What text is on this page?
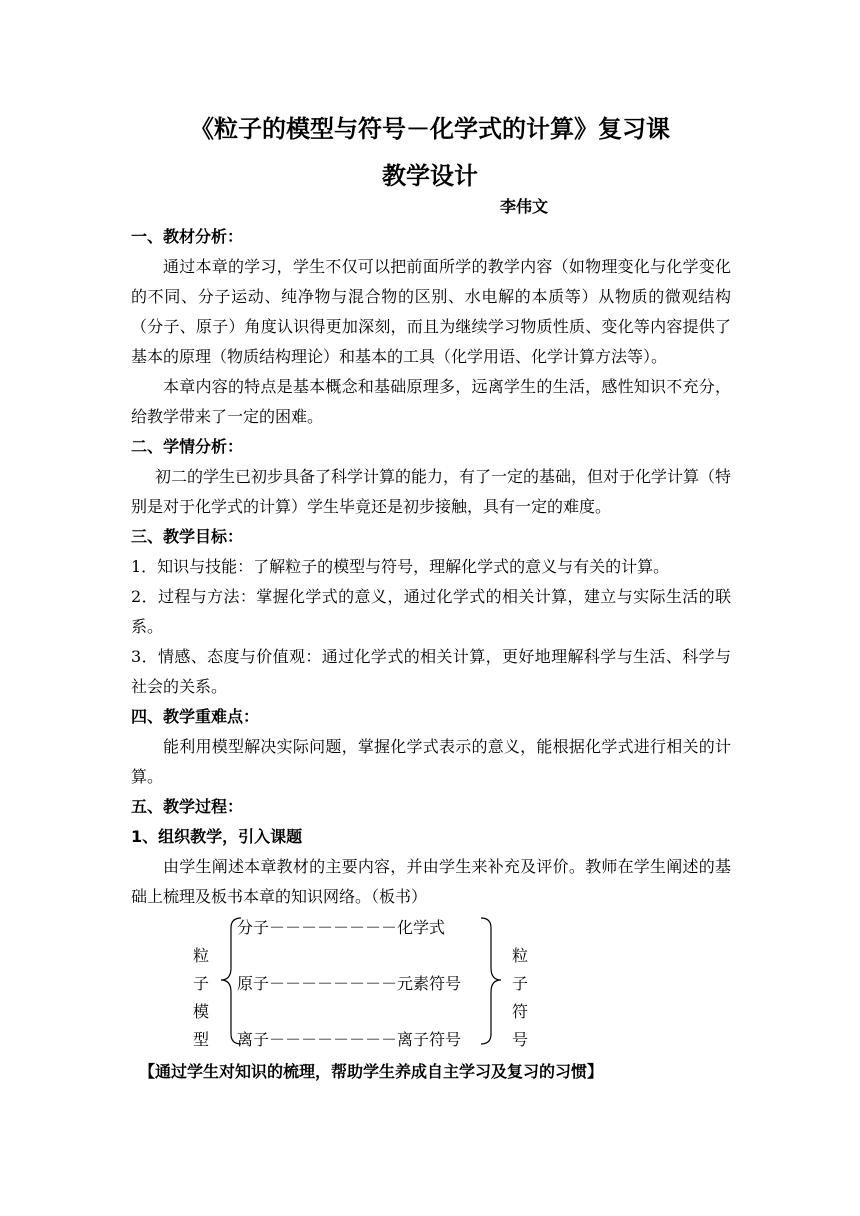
《粒子的模型与符号－化学式的计算》复习课
教学设计
李伟文

一、教材分析：

通过本章的学习，学生不仅可以把前面所学的教学内容（如物理变化与化学变化的不同、分子运动、纯净物与混合物的区别、水电解的本质等）从物质的微观结构（分子、原子）角度认识得更加深刻，而且为继续学习物质性质、变化等内容提供了基本的原理（物质结构理论）和基本的工具（化学用语、化学计算方法等）。

本章内容的特点是基本概念和基础原理多，远离学生的生活，感性知识不充分，给教学带来了一定的困难。

二、学情分析：

初二的学生已初步具备了科学计算的能力，有了一定的基础，但对于化学计算（特别是对于化学式的计算）学生毕竟还是初步接触，具有一定的难度。

三、教学目标：

1．知识与技能：了解粒子的模型与符号，理解化学式的意义与有关的计算。

2．过程与方法：掌握化学式的意义，通过化学式的相关计算，建立与实际生活的联系。

3．情感、态度与价值观：通过化学式的相关计算，更好地理解科学与生活、科学与社会的关系。

四、教学重难点：

能利用模型解决实际问题，掌握化学式表示的意义，能根据化学式进行相关的计算。

五、教学过程：

1、组织教学，引入课题

由学生阐述本章教材的主要内容，并由学生来补充及评价。教师在学生阐述的基础上梳理及板书本章的知识网络。（板书）

粒
子
模
型
分子－－－－－－－－化学式
原子－－－－－－－－元素符号
离子－－－－－－－－离子符号
粒
子
符
号
【通过学生对知识的梳理，帮助学生养成自主学习及复习的习惯】
